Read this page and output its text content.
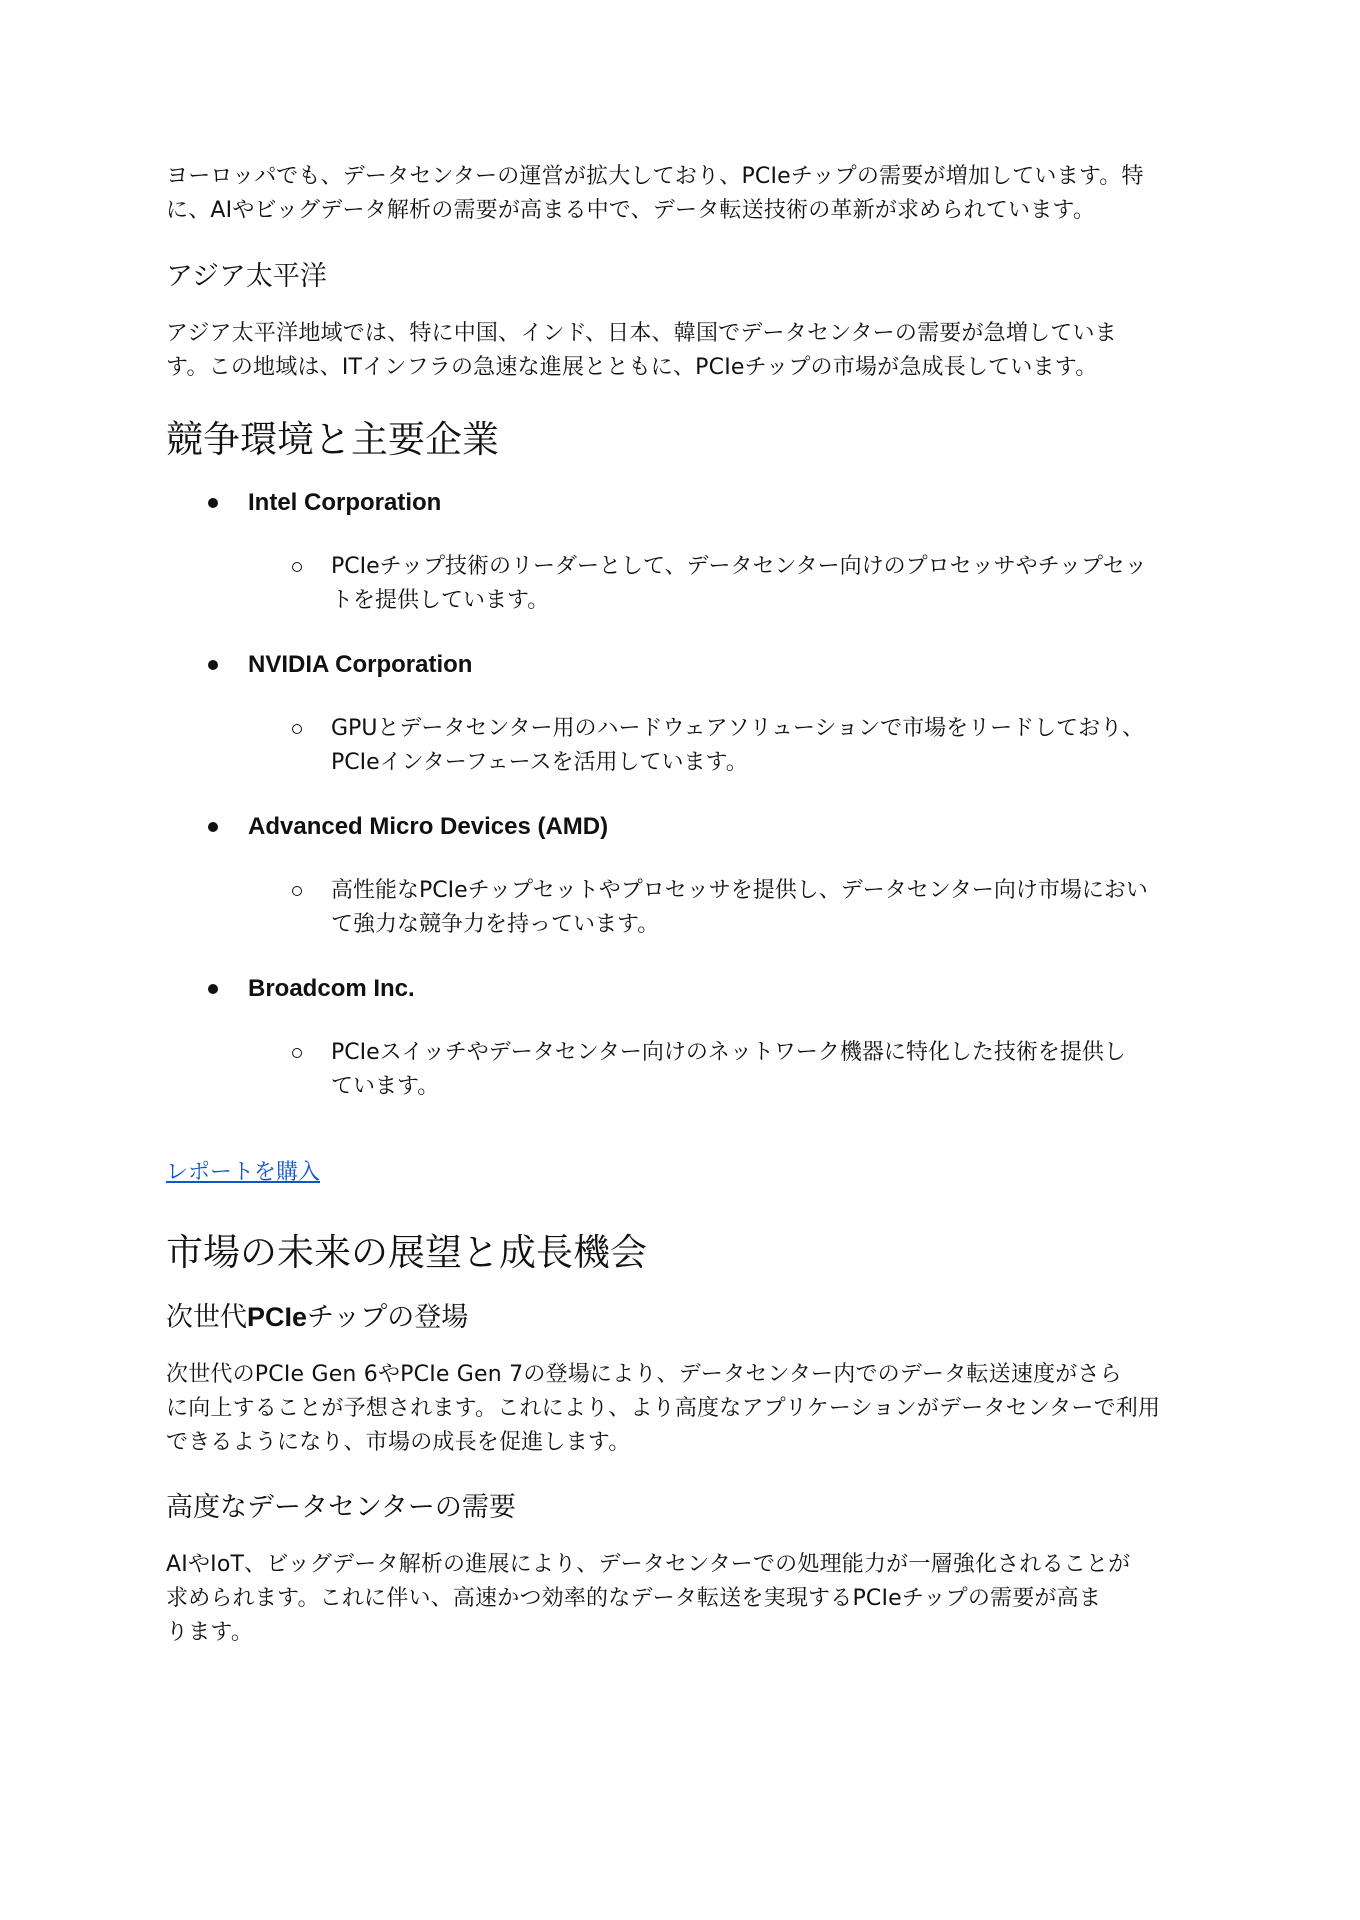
ヨーロッパでも、データセンターの運営が拡大しており、PCIeチップの需要が増加しています。特
に、AIやビッグデータ解析の需要が高まる中で、データ転送技術の革新が求められています。

アジア太平洋

アジア太平洋地域では、特に中国、インド、日本、韓国でデータセンターの需要が急増していま
す。この地域は、ITインフラの急速な進展とともに、PCIeチップの市場が急成長しています。

競争環境と主要企業
Intel Corporation
PCIeチップ技術のリーダーとして、データセンター向けのプロセッサやチップセッ
トを提供しています。
NVIDIA Corporation
GPUとデータセンター用のハードウェアソリューションで市場をリードしており、
PCIeインターフェースを活用しています。
Advanced Micro Devices (AMD)
高性能なPCIeチップセットやプロセッサを提供し、データセンター向け市場におい
て強力な競争力を持っています。
Broadcom Inc.
PCIeスイッチやデータセンター向けのネットワーク機器に特化した技術を提供し
ています。

レポートを購入

市場の未来の展望と成長機会
次世代PCIeチップの登場

次世代のPCIe Gen 6やPCIe Gen 7の登場により、データセンター内でのデータ転送速度がさら
に向上することが予想されます。これにより、より高度なアプリケーションがデータセンターで利用
できるようになり、市場の成長を促進します。

高度なデータセンターの需要

AIやIoT、ビッグデータ解析の進展により、データセンターでの処理能力が一層強化されることが
求められます。これに伴い、高速かつ効率的なデータ転送を実現するPCIeチップの需要が高ま
ります。
